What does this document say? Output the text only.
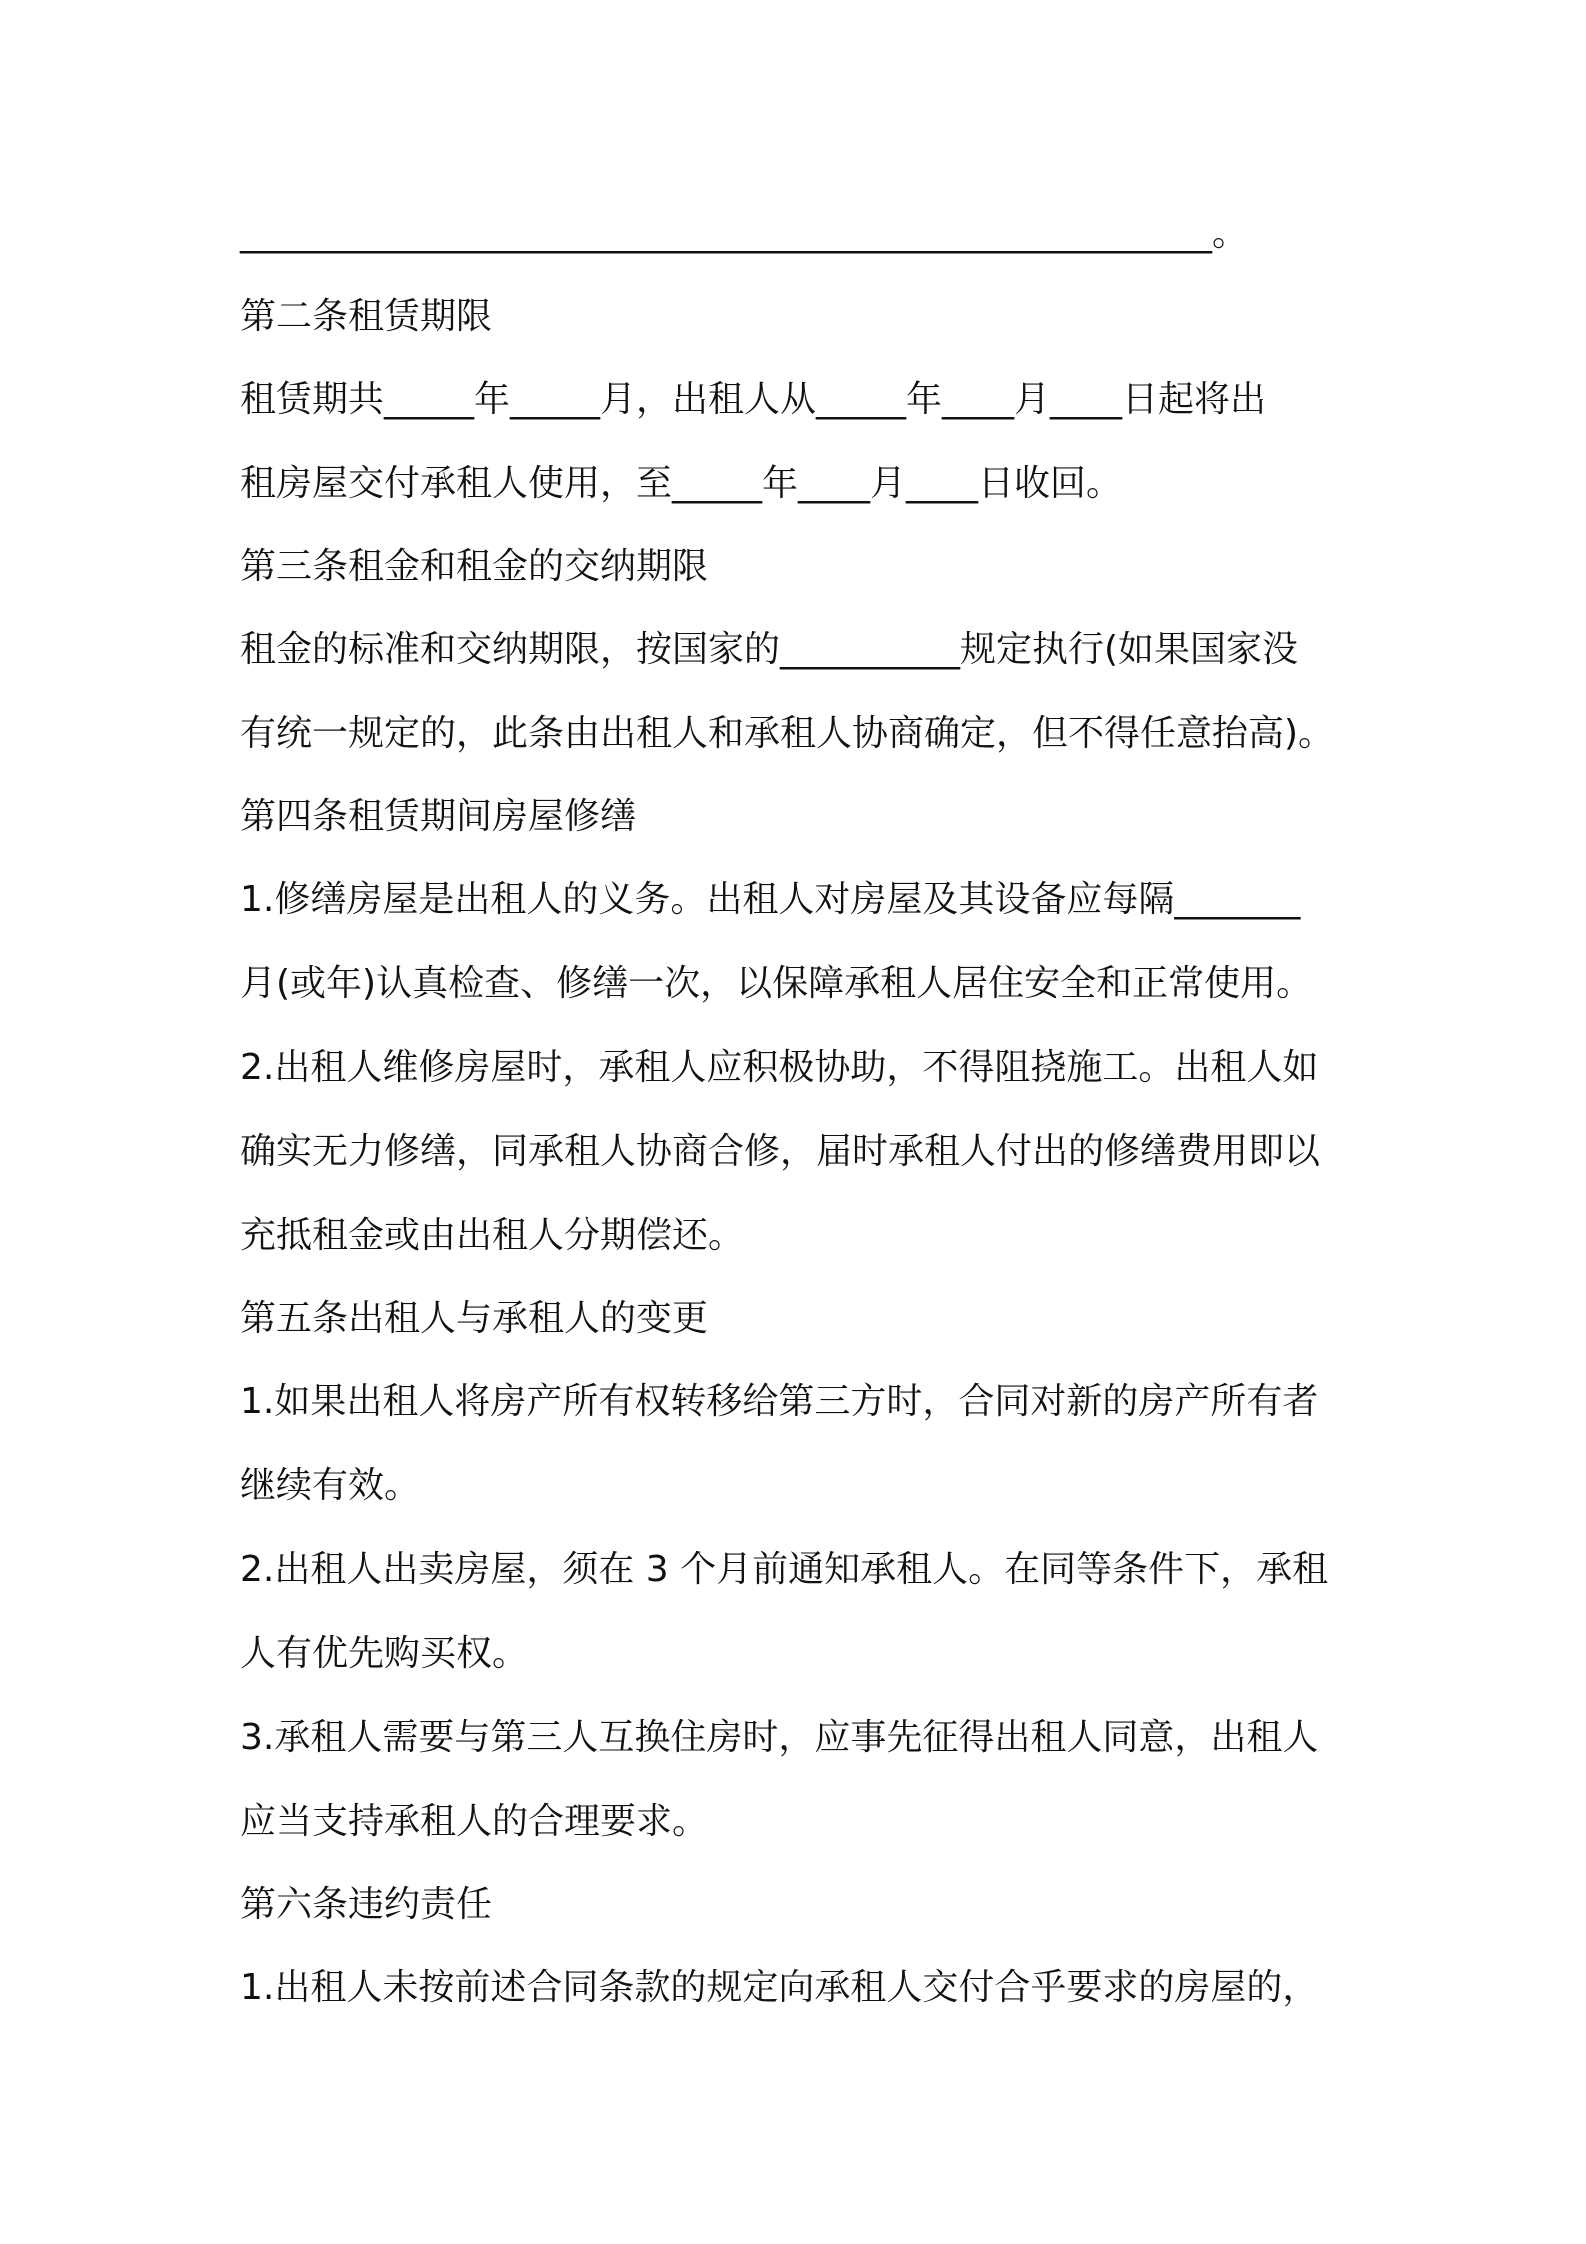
______________________________________________________。
第二条租赁期限
租赁期共_____年_____月，出租人从_____年____月____日起将出
租房屋交付承租人使用，至_____年____月____日收回。
第三条租金和租金的交纳期限
租金的标准和交纳期限，按国家的__________规定执行(如果国家没
有统一规定的，此条由出租人和承租人协商确定，但不得任意抬高)。
第四条租赁期间房屋修缮
1.修缮房屋是出租人的义务。出租人对房屋及其设备应每隔_______
月(或年)认真检查、修缮一次，以保障承租人居住安全和正常使用。
2.出租人维修房屋时，承租人应积极协助，不得阻挠施工。出租人如
确实无力修缮，同承租人协商合修，届时承租人付出的修缮费用即以
充抵租金或由出租人分期偿还。
第五条出租人与承租人的变更
1.如果出租人将房产所有权转移给第三方时，合同对新的房产所有者
继续有效。
2.出租人出卖房屋，须在 3 个月前通知承租人。在同等条件下，承租
人有优先购买权。
3.承租人需要与第三人互换住房时，应事先征得出租人同意，出租人
应当支持承租人的合理要求。
第六条违约责任
1.出租人未按前述合同条款的规定向承租人交付合乎要求的房屋的，
